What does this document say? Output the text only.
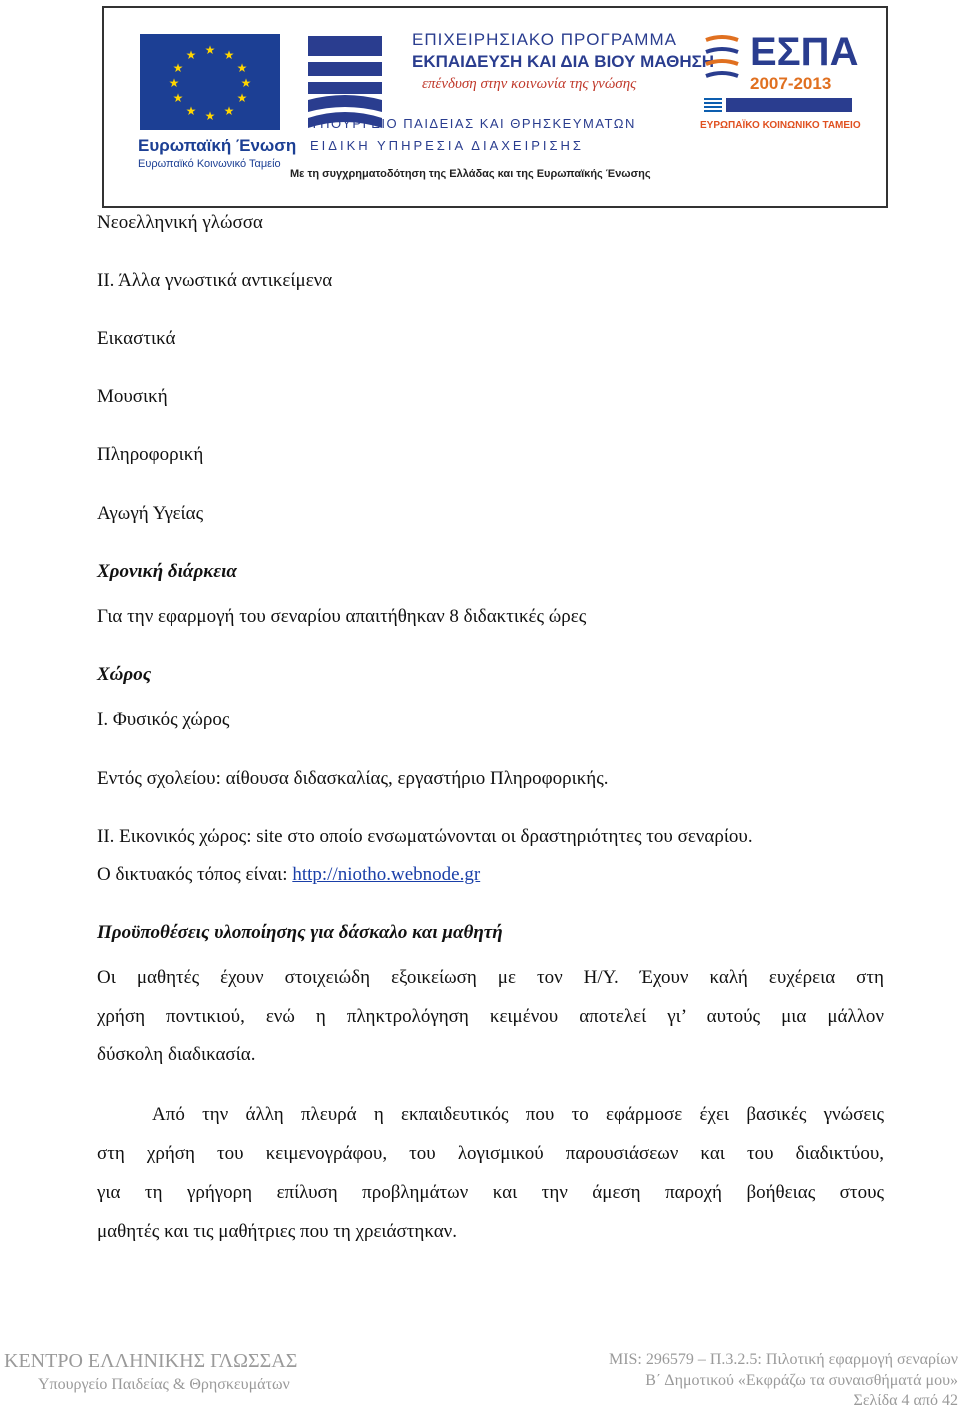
★ ★
★
★
★
★
★
★
★
★
★
★
Ευρωπαϊκή Ένωση
Ευρωπαϊκό Κοινωνικό Ταμείο
ΕΠΙΧΕΙΡΗΣΙΑΚΟ ΠΡΟΓΡΑΜΜΑ
ΕΚΠΑΙΔΕΥΣΗ ΚΑΙ ΔΙΑ ΒΙΟΥ ΜΑΘΗΣΗ
επένδυση στην κοινωνία της γνώσης
ΥΠΟΥΡΓΕΙΟ ΠΑΙΔΕΙΑΣ ΚΑΙ ΘΡΗΣΚΕΥΜΑΤΩΝ
ΕΙΔΙΚΗ ΥΠΗΡΕΣΙΑ ΔΙΑΧΕΙΡΙΣΗΣ
Με τη συγχρηματοδότηση της Ελλάδας και της Ευρωπαϊκής Ένωσης
ΕΣΠΑ
2007-2013
ΕΥΡΩΠΑΪΚΟ ΚΟΙΝΩΝΙΚΟ ΤΑΜΕΙΟ
Νεοελληνική γλώσσα
ΙΙ. Άλλα γνωστικά αντικείμενα
Εικαστικά
Μουσική
Πληροφορική
Αγωγή Υγείας
Χρονική διάρκεια
Για την εφαρμογή του σεναρίου απαιτήθηκαν 8 διδακτικές ώρες
Χώρος
Ι. Φυσικός χώρος
Εντός σχολείου: αίθουσα διδασκαλίας, εργαστήριο Πληροφορικής.
ΙΙ. Εικονικός χώρος: site στο οποίο ενσωματώνονται οι δραστηριότητες του σεναρίου.
Ο δικτυακός τόπος είναι: http://niotho.webnode.gr
Προϋποθέσεις υλοποίησης για δάσκαλο και μαθητή
Οι μαθητές έχουν στοιχειώδη εξοικείωση με τον Η/Υ. Έχουν καλή ευχέρεια στη
χρήση ποντικιού, ενώ η πληκτρολόγηση κειμένου αποτελεί γι’ αυτούς μια μάλλον
δύσκολη διαδικασία.
Από την άλλη πλευρά η εκπαιδευτικός που το εφάρμοσε έχει βασικές γνώσεις
στη χρήση του κειμενογράφου, του λογισμικού παρουσιάσεων και του διαδικτύου,
για τη γρήγορη επίλυση προβλημάτων και την άμεση παροχή βοήθειας στους
μαθητές και τις μαθήτριες που τη χρειάστηκαν.
ΚΕΝΤΡΟ ΕΛΛΗΝΙΚΗΣ ΓΛΩΣΣΑΣ
Υπουργείο Παιδείας & Θρησκευμάτων
MIS: 296579 – Π.3.2.5: Πιλοτική εφαρμογή σεναρίων
Β΄ Δημοτικού «Εκφράζω τα συναισθήματά μου»
Σελίδα 4 από 42
